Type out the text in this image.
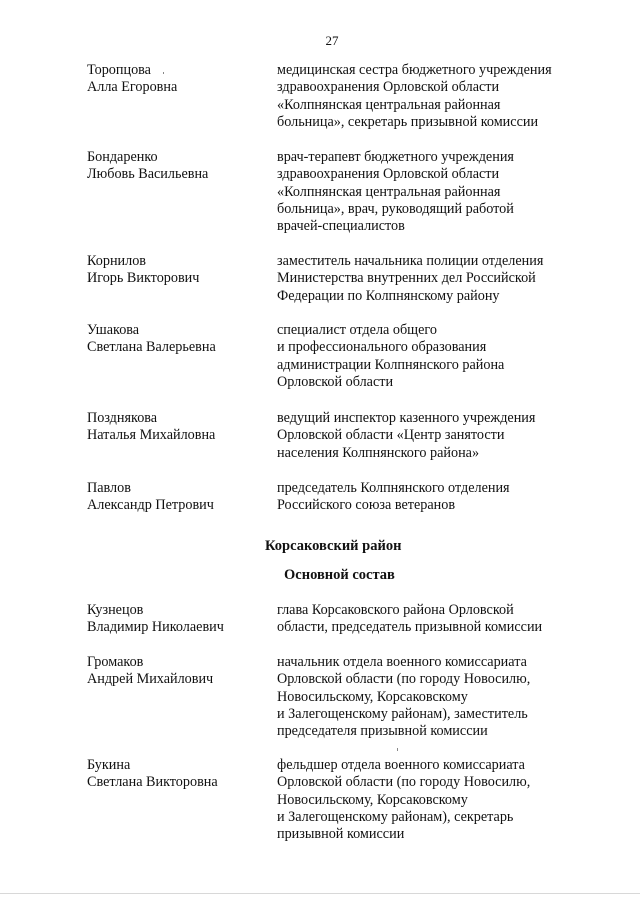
27
Торопцова
Алла Егоровна
медицинская сестра бюджетного учреждения
здравоохранения Орловской области
«Колпнянская центральная районная
больница», секретарь призывной комиссии
Бондаренко
Любовь Васильевна
врач-терапевт бюджетного учреждения
здравоохранения Орловской области
«Колпнянская центральная районная
больница», врач, руководящий работой
врачей-специалистов
Корнилов
Игорь Викторович
заместитель начальника полиции отделения
Министерства внутренних дел Российской
Федерации по Колпнянскому району
Ушакова
Светлана Валерьевна
специалист отдела общего
и профессионального образования
администрации Колпнянского района
Орловской области
Позднякова
Наталья Михайловна
ведущий инспектор казенного учреждения
Орловской области «Центр занятости
населения Колпнянского района»
Павлов
Александр Петрович
председатель Колпнянского отделения
Российского союза ветеранов
Корсаковский район
Основной состав
Кузнецов
Владимир Николаевич
глава Корсаковского района Орловской
области, председатель призывной комиссии
Громаков
Андрей Михайлович
начальник отдела военного комиссариата
Орловской области (по городу Новосилю,
Новосильскому, Корсаковскому
и Залегощенскому районам), заместитель
председателя призывной комиссии
Букина
Светлана Викторовна
фельдшер отдела военного комиссариата
Орловской области (по городу Новосилю,
Новосильскому, Корсаковскому
и Залегощенскому районам), секретарь
призывной комиссии
